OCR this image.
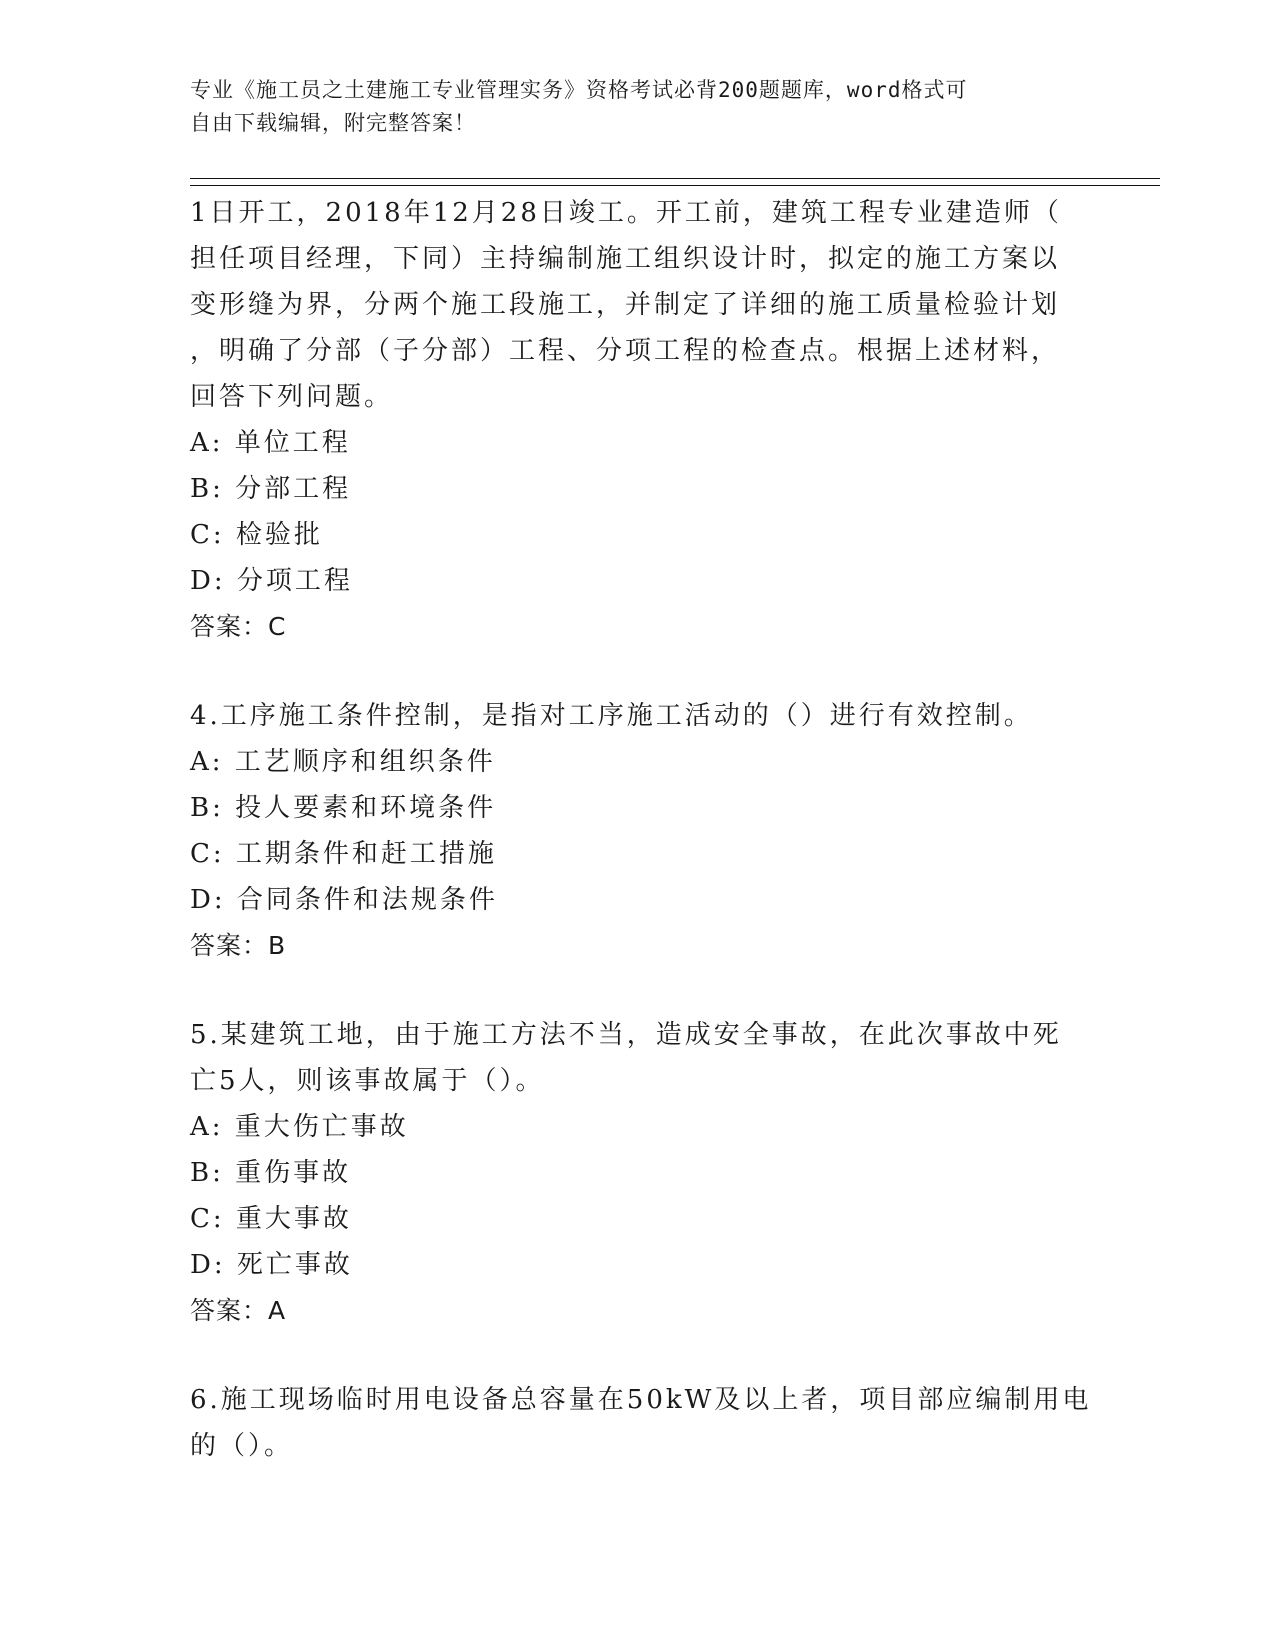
专业《施工员之土建施工专业管理实务》资格考试必背200题题库，word格式可
自由下载编辑，附完整答案！
1日开工，2018年12月28日竣工。开工前，建筑工程专业建造师（
担任项目经理，下同）主持编制施工组织设计时，拟定的施工方案以
变形缝为界，分两个施工段施工，并制定了详细的施工质量检验计划
，明确了分部（子分部）工程、分项工程的检查点。根据上述材料，
回答下列问题。
A: 单位工程
B: 分部工程
C: 检验批
D: 分项工程
答案：C
4.工序施工条件控制，是指对工序施工活动的（）进行有效控制。
A: 工艺顺序和组织条件
B: 投人要素和环境条件
C: 工期条件和赶工措施
D: 合同条件和法规条件
答案：B
5.某建筑工地，由于施工方法不当，造成安全事故，在此次事故中死
亡5人，则该事故属于（）。
A: 重大伤亡事故
B: 重伤事故
C: 重大事故
D: 死亡事故
答案：A
6.施工现场临时用电设备总容量在50kW及以上者，项目部应编制用电
的（）。
